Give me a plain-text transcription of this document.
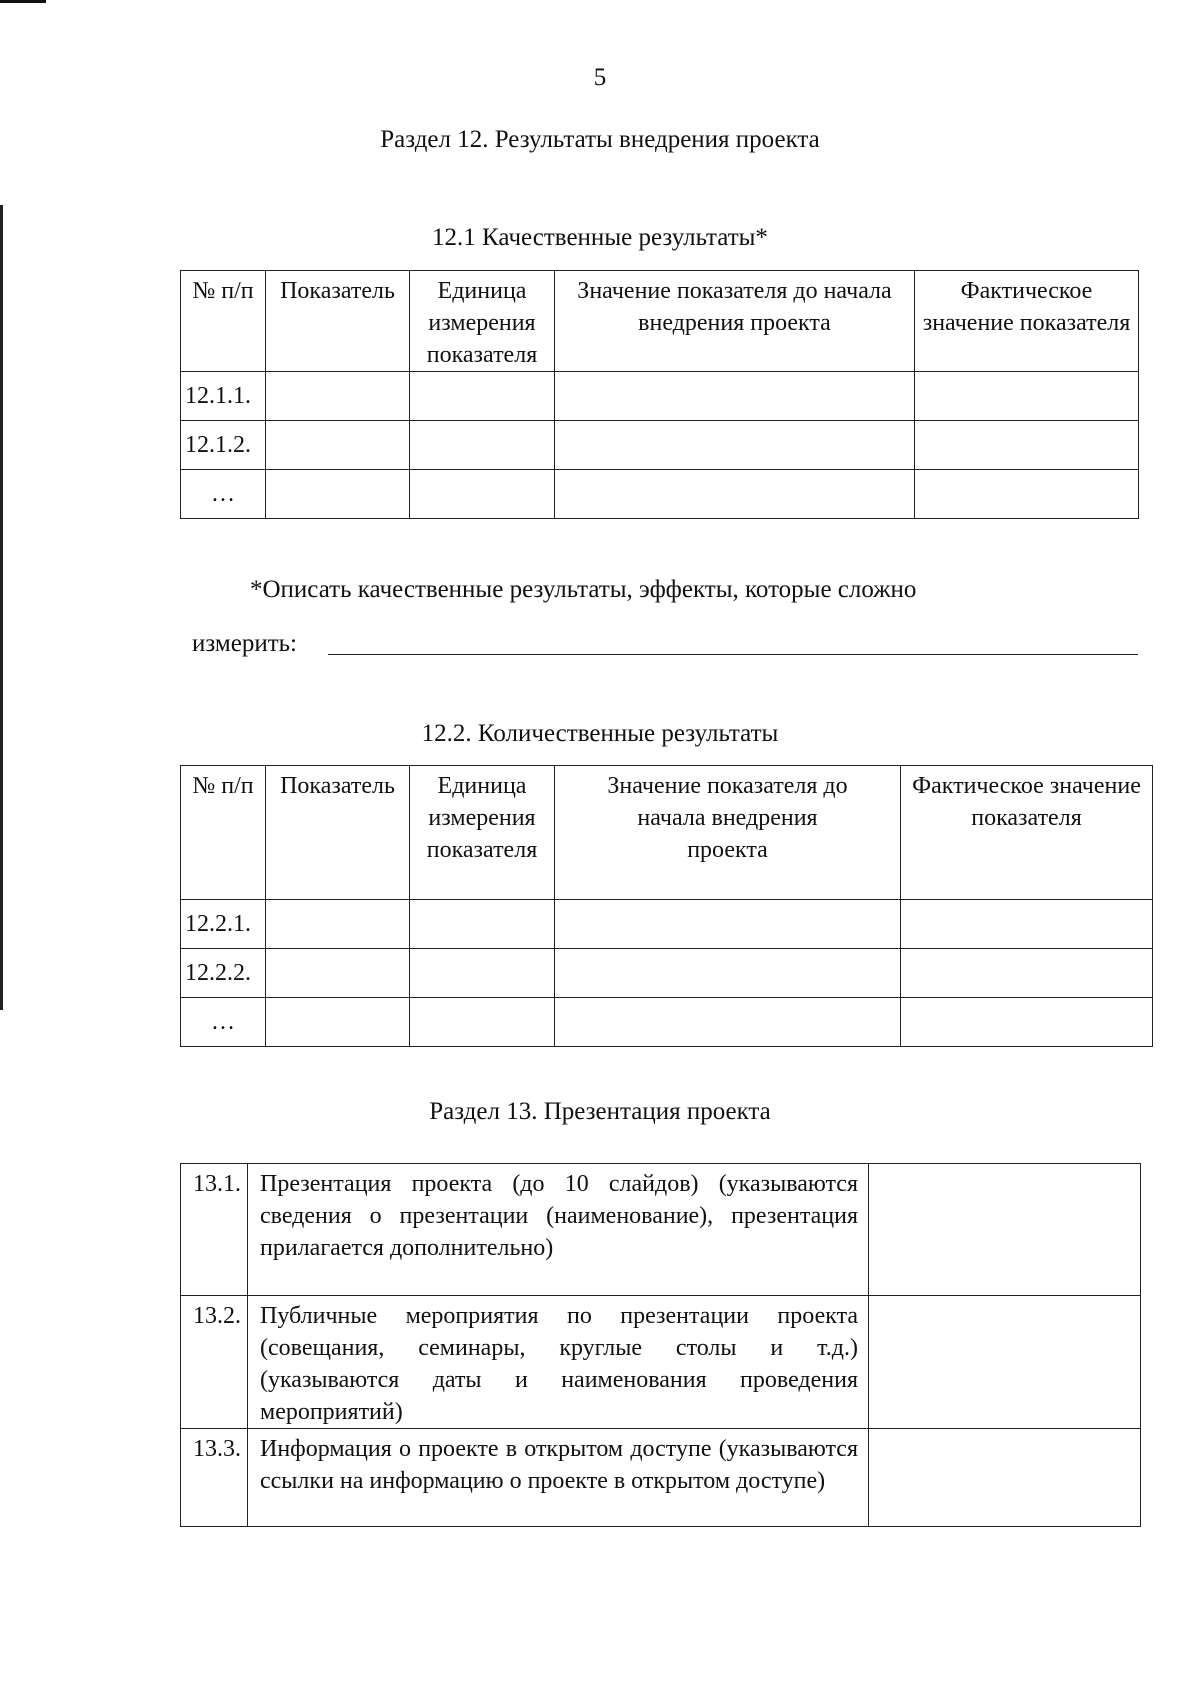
5
Раздел 12. Результаты внедрения проекта
12.1 Качественные результаты*
№ п/п	Показатель	Единица измерения показателя	Значение показателя до начала внедрения проекта	Фактическое значение показателя
12.1.1.				
12.1.2.				
…				
*Описать качественные результаты, эффекты, которые сложно
измерить:
12.2. Количественные результаты
№ п/п	Показатель	Единица измерения показателя	Значение показателя до начала внедрения проекта	Фактическое значение показателя
12.2.1.				
12.2.2.				
…				
Раздел 13. Презентация проекта
13.1.	Презентация проекта (до 10 слайдов) (указываются сведения о презентации (наименование), презентация прилагается дополнительно)	
13.2.	Публичные мероприятия по презентации проекта (совещания, семинары, круглые столы и т.д.) (указываются даты и наименования проведения мероприятий)	
13.3.	Информация о проекте в открытом доступе (указываются ссылки на информацию о проекте в открытом доступе)	
